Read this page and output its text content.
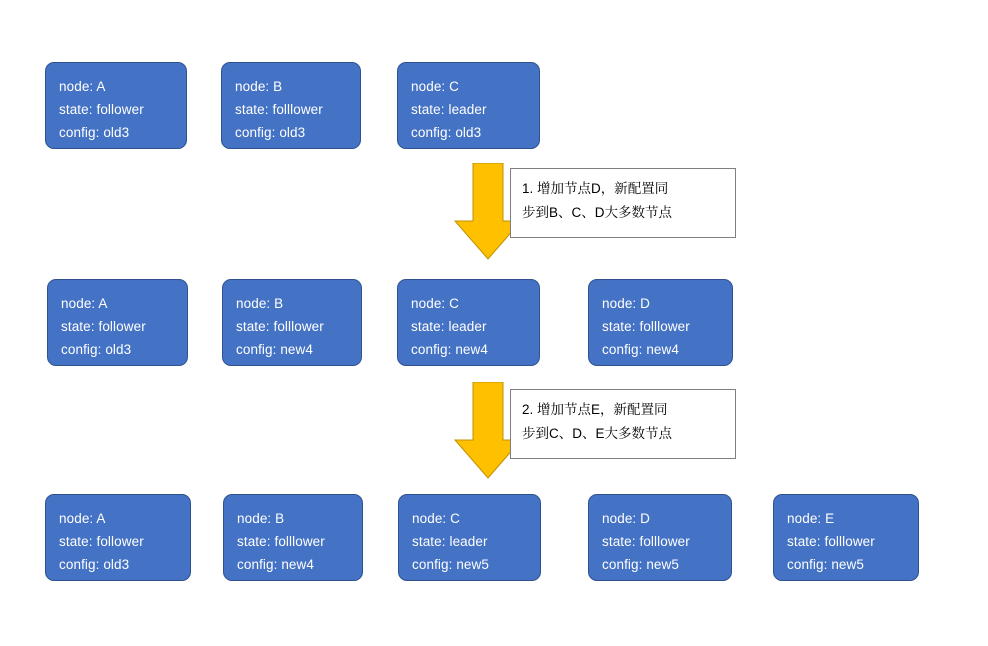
node: A
state: follower
config: old3
node: B
state: folllower
config: old3
node: C
state: leader
config: old3
1. 增加节点D，新配置同
步到B、C、D大多数节点
node: A
state: follower
config: old3
node: B
state: folllower
config: new4
node: C
state: leader
config: new4
node: D
state: folllower
config: new4
2. 增加节点E，新配置同
步到C、D、E大多数节点
node: A
state: follower
config: old3
node: B
state: folllower
config: new4
node: C
state: leader
config: new5
node: D
state: folllower
config: new5
node: E
state: folllower
config: new5
